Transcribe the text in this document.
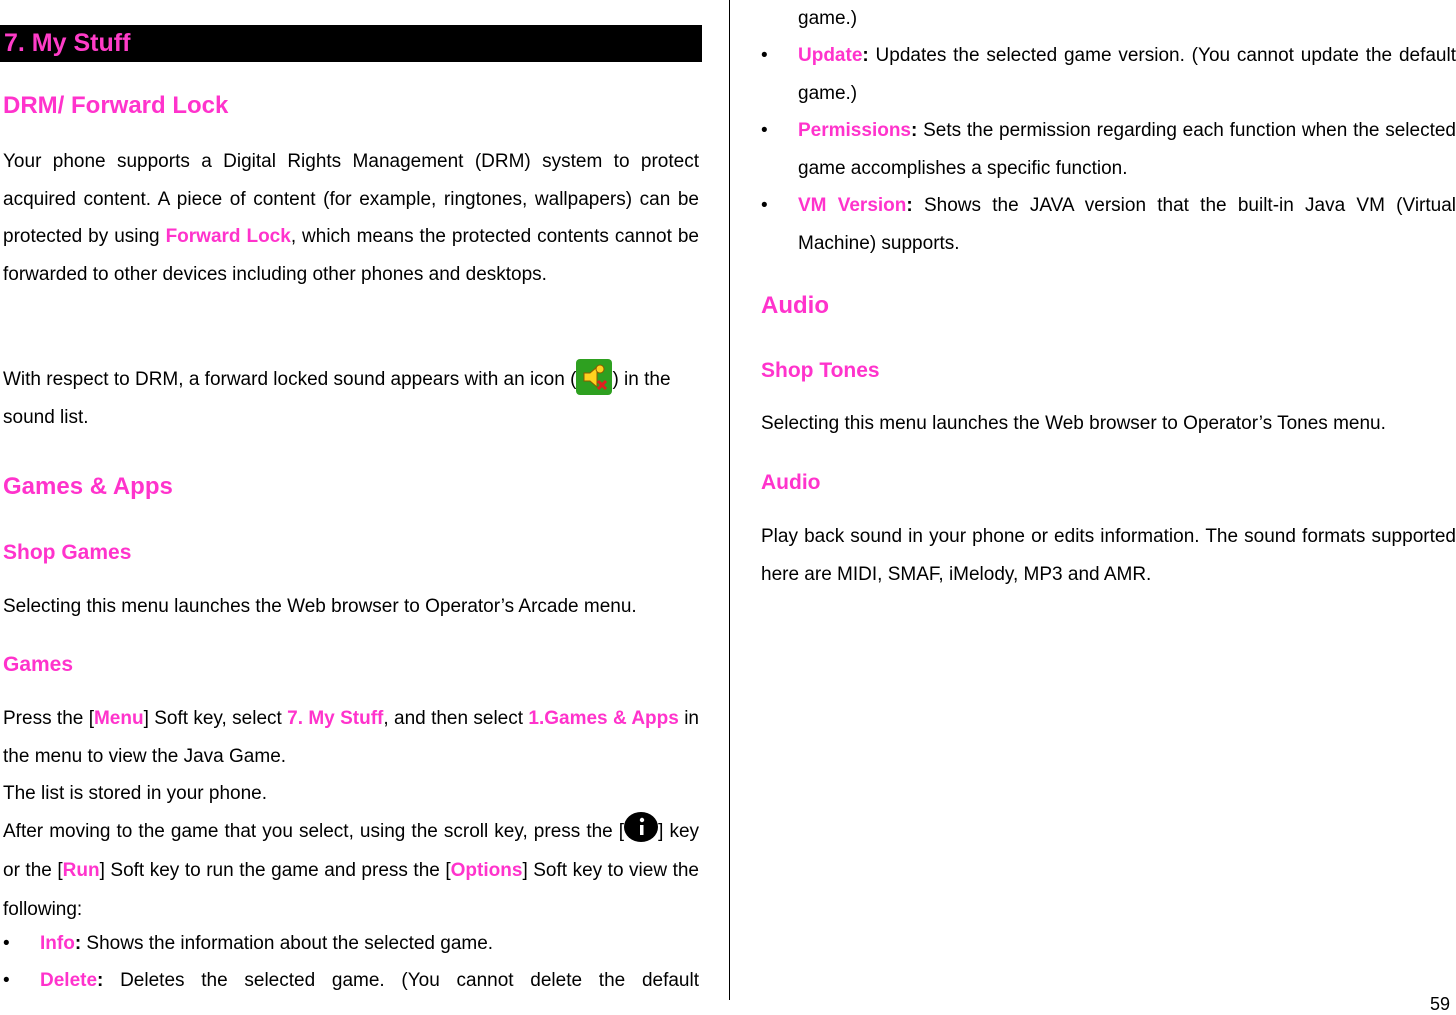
7. My Stuff

DRM/ Forward Lock

Your phone supports a Digital Rights Management (DRM) system to protect acquired content. A piece of content (for example, ringtones, wallpapers) can be protected by using Forward Lock, which means the protected contents cannot be forwarded to other devices including other phones and desktops.

With respect to DRM, a forward locked sound appears with an icon ( ) in the sound list.

Games & Apps

Shop Games

Selecting this menu launches the Web browser to Operator’s Arcade menu.

Games

Press the [Menu] Soft key, select 7. My Stuff, and then select 1.Games & Apps in the menu to view the Java Game.

The list is stored in your phone.

After moving to the game that you select, using the scroll key, press the [ ] key or the [Run] Soft key to run the game and press the [Options] Soft key to view the following:

• Info: Shows the information about the selected game.
• Delete: Deletes the selected game. (You cannot delete the default

game.)

• Update: Updates the selected game version. (You cannot update the default game.)
• Permissions: Sets the permission regarding each function when the selected game accomplishes a specific function.
• VM Version: Shows the JAVA version that the built-in Java VM (Virtual Machine) supports.

Audio

Shop Tones

Selecting this menu launches the Web browser to Operator’s Tones menu.

Audio

Play back sound in your phone or edits information. The sound formats supported here are MIDI, SMAF, iMelody, MP3 and AMR.

59
